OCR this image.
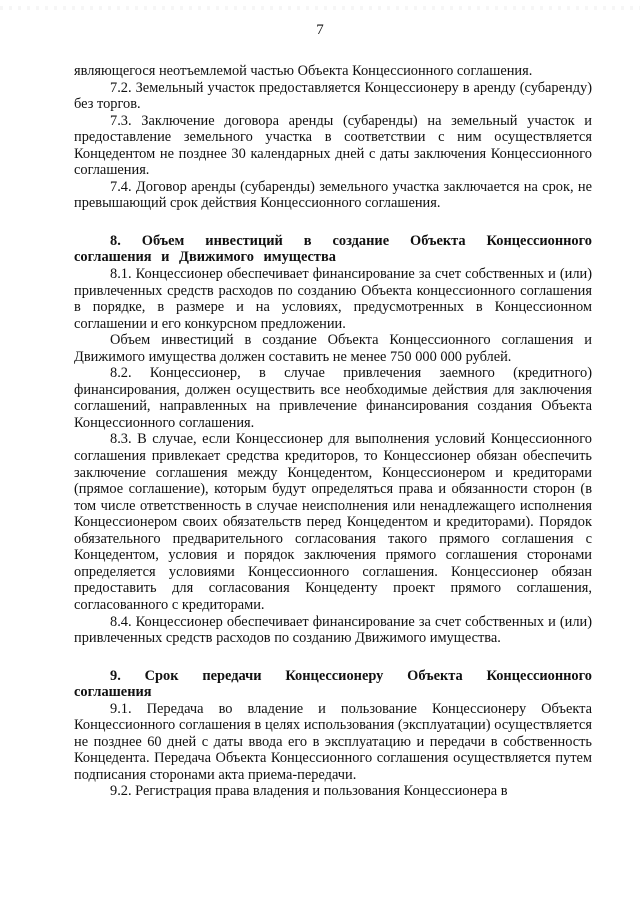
7

являющегося неотъемлемой частью Объекта Концессионного соглашения.

7.2. Земельный участок предоставляется Концессионеру в аренду (субаренду) без торгов.

7.3. Заключение договора аренды (субаренды) на земельный участок и предоставление земельного участка в соответствии с ним осуществляется Концедентом не позднее 30 календарных дней с даты заключения Концессионного соглашения.

7.4. Договор аренды (субаренды) земельного участка заключается на срок, не превышающий срок действия Концессионного соглашения.

8. Объем инвестиций в создание Объекта Концессионного соглашения и Движимого имущества

8.1. Концессионер обеспечивает финансирование за счет собственных и (или) привлеченных средств расходов по созданию Объекта концессионного соглашения в порядке, в размере и на условиях, предусмотренных в Концессионном соглашении и его конкурсном предложении.

Объем инвестиций в создание Объекта Концессионного соглашения и Движимого имущества должен составить не менее 750 000 000 рублей.

8.2. Концессионер, в случае привлечения заемного (кредитного) финансирования, должен осуществить все необходимые действия для заключения соглашений, направленных на привлечение финансирования создания Объекта Концессионного соглашения.

8.3. В случае, если Концессионер для выполнения условий Концессионного соглашения привлекает средства кредиторов, то Концессионер обязан обеспечить заключение соглашения между Концедентом, Концессионером и кредиторами (прямое соглашение), которым будут определяться права и обязанности сторон (в том числе ответственность в случае неисполнения или ненадлежащего исполнения Концессионером своих обязательств перед Концедентом и кредиторами). Порядок обязательного предварительного согласования такого прямого соглашения с Концедентом, условия и порядок заключения прямого соглашения сторонами определяется условиями Концессионного соглашения. Концессионер обязан предоставить для согласования Концеденту проект прямого соглашения, согласованного с кредиторами.

8.4. Концессионер обеспечивает финансирование за счет собственных и (или) привлеченных средств расходов по созданию Движимого имущества.

9. Срок передачи Концессионеру Объекта Концессионного соглашения

9.1. Передача во владение и пользование Концессионеру Объекта Концессионного соглашения в целях использования (эксплуатации) осуществляется не позднее 60 дней с даты ввода его в эксплуатацию и передачи в собственность Концедента. Передача Объекта Концессионного соглашения осуществляется путем подписания сторонами акта приема-передачи.

9.2. Регистрация права владения и пользования Концессионера в
